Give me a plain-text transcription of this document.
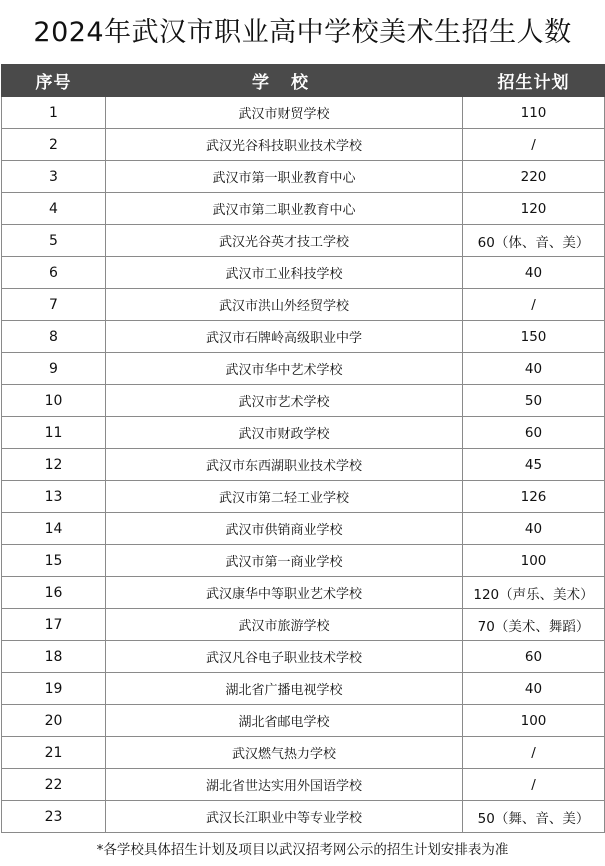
2024年武汉市职业高中学校美术生招生人数
序号	学 校	招生计划
1	武汉市财贸学校	110
2	武汉光谷科技职业技术学校	/
3	武汉市第一职业教育中心	220
4	武汉市第二职业教育中心	120
5	武汉光谷英才技工学校	60（体、音、美）
6	武汉市工业科技学校	40
7	武汉市洪山外经贸学校	/
8	武汉市石牌岭高级职业中学	150
9	武汉市华中艺术学校	40
10	武汉市艺术学校	50
11	武汉市财政学校	60
12	武汉市东西湖职业技术学校	45
13	武汉市第二轻工业学校	126
14	武汉市供销商业学校	40
15	武汉市第一商业学校	100
16	武汉康华中等职业艺术学校	120（声乐、美术）
17	武汉市旅游学校	70（美术、舞蹈）
18	武汉凡谷电子职业技术学校	60
19	湖北省广播电视学校	40
20	湖北省邮电学校	100
21	武汉燃气热力学校	/
22	湖北省世达实用外国语学校	/
23	武汉长江职业中等专业学校	50（舞、音、美）
*各学校具体招生计划及项目以武汉招考网公示的招生计划安排表为准
